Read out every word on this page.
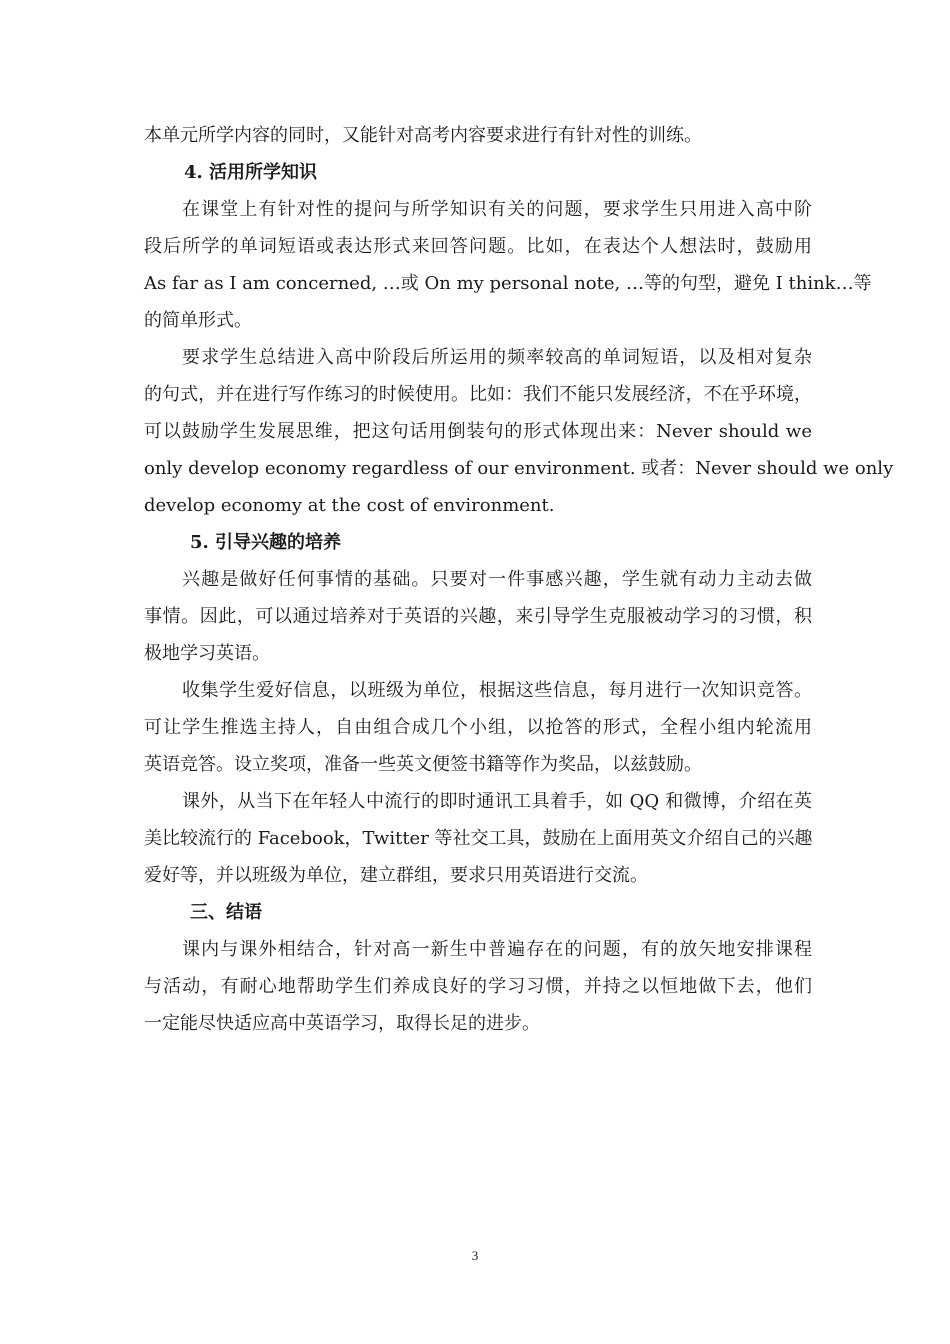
本单元所学内容的同时，又能针对高考内容要求进行有针对性的训练。
4. 活用所学知识
在课堂上有针对性的提问与所学知识有关的问题，要求学生只用进入高中阶
段后所学的单词短语或表达形式来回答问题。比如，在表达个人想法时，鼓励用
As far as I am concerned, …或 On my personal note, …等的句型，避免 I think…等
的简单形式。
要求学生总结进入高中阶段后所运用的频率较高的单词短语，以及相对复杂
的句式，并在进行写作练习的时候使用。比如：我们不能只发展经济，不在乎环境，
可以鼓励学生发展思维，把这句话用倒装句的形式体现出来：Never should we
only develop economy regardless of our environment. 或者：Never should we only
develop economy at the cost of environment.
5. 引导兴趣的培养
兴趣是做好任何事情的基础。只要对一件事感兴趣，学生就有动力主动去做
事情。因此，可以通过培养对于英语的兴趣，来引导学生克服被动学习的习惯，积
极地学习英语。
收集学生爱好信息，以班级为单位，根据这些信息，每月进行一次知识竞答。
可让学生推选主持人，自由组合成几个小组，以抢答的形式，全程小组内轮流用
英语竞答。设立奖项，准备一些英文便签书籍等作为奖品，以兹鼓励。
课外，从当下在年轻人中流行的即时通讯工具着手，如 QQ 和微博，介绍在英
美比较流行的 Facebook，Twitter 等社交工具，鼓励在上面用英文介绍自己的兴趣
爱好等，并以班级为单位，建立群组，要求只用英语进行交流。
三、结语
课内与课外相结合，针对高一新生中普遍存在的问题，有的放矢地安排课程
与活动，有耐心地帮助学生们养成良好的学习习惯，并持之以恒地做下去，他们
一定能尽快适应高中英语学习，取得长足的进步。
3
